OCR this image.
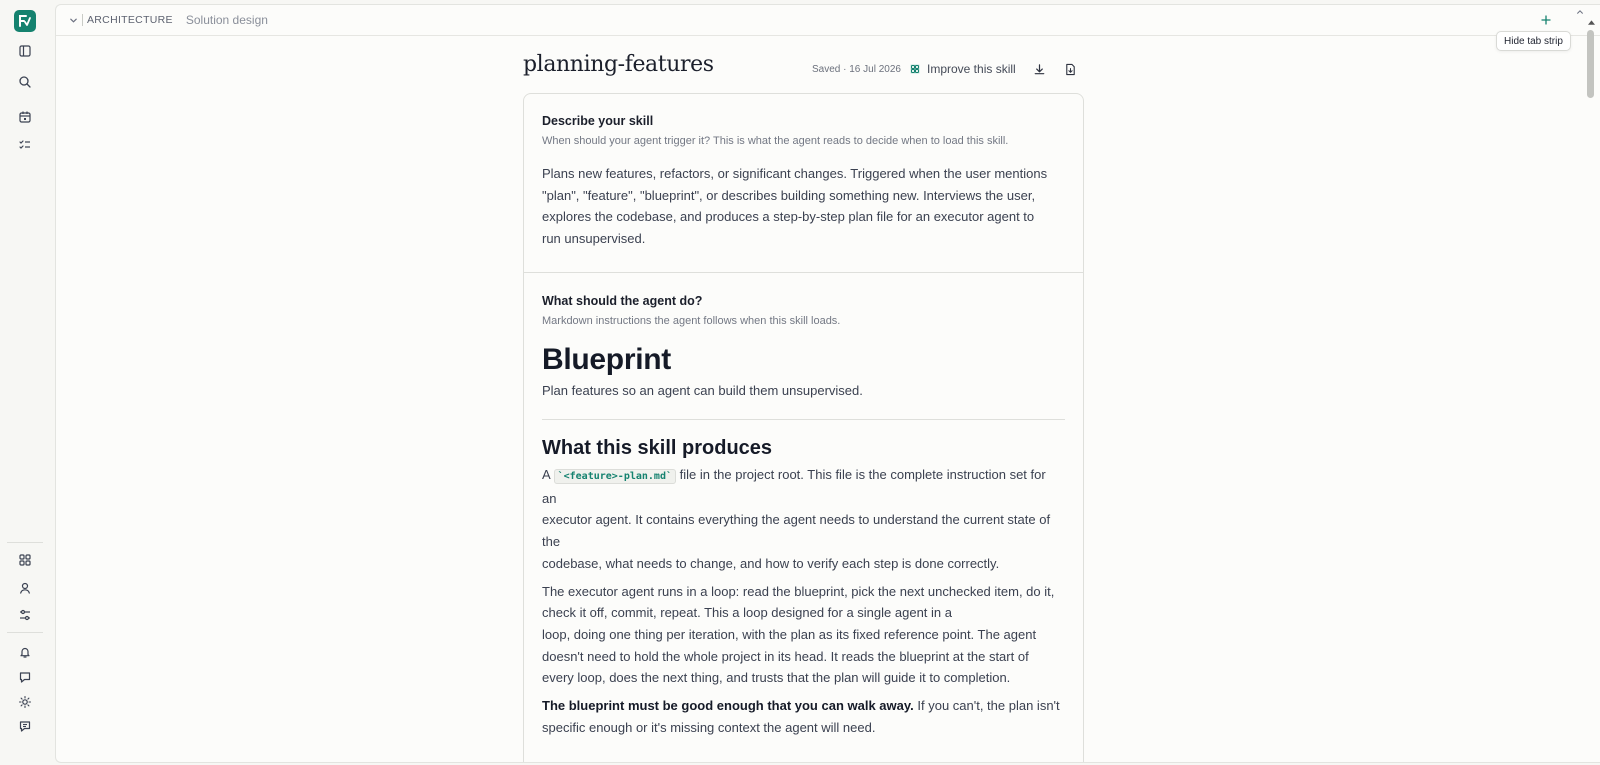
ARCHITECTURE Solution design
planning-features	Saved · 16 Jul 2026 Improve this skill
Describe your skill
When should your agent trigger it? This is what the agent reads to decide when to load this skill.
Plans new features, refactors, or significant changes. Triggered when the user mentions
"plan", "feature", "blueprint", or describes building something new. Interviews the user,
explores the codebase, and produces a step-by-step plan file for an executor agent to
run unsupervised.
What should the agent do?
Markdown instructions the agent follows when this skill loads.
Blueprint
Plan features so an agent can build them unsupervised.
What this skill produces
A `<feature>-plan.md` file in the project root. This file is the complete instruction set for
an
executor agent. It contains everything the agent needs to understand the current state of
the
codebase, what needs to change, and how to verify each step is done correctly.
The executor agent runs in a loop: read the blueprint, pick the next unchecked item, do it,
check it off, commit, repeat. This a loop designed for a single agent in a
loop, doing one thing per iteration, with the plan as its fixed reference point. The agent
doesn't need to hold the whole project in its head. It reads the blueprint at the start of
every loop, does the next thing, and trusts that the plan will guide it to completion.
The blueprint must be good enough that you can walk away. If you can't, the plan isn't
specific enough or it's missing context the agent will need.
Hide tab strip
